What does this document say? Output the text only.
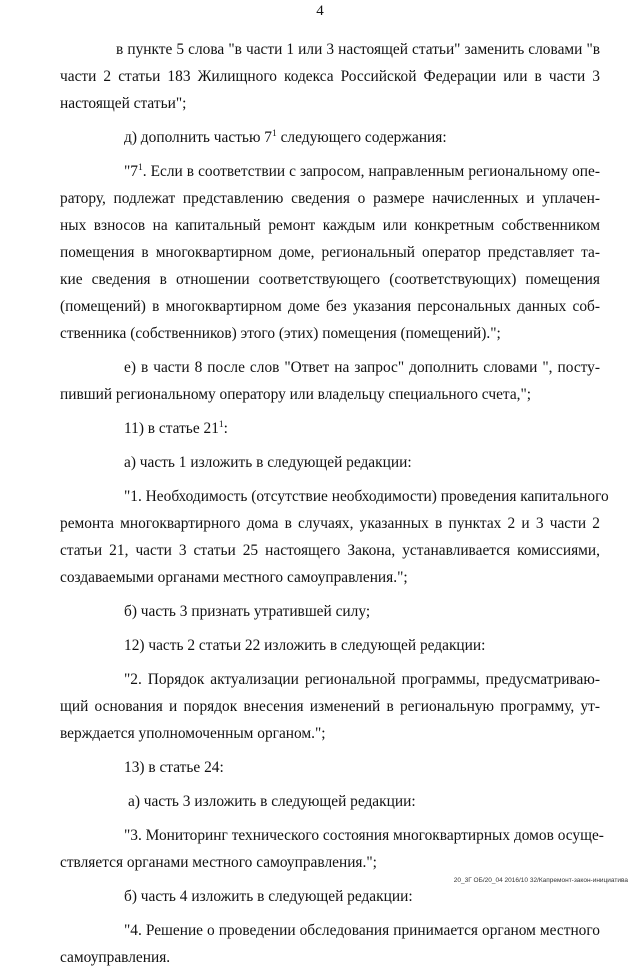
4
в пункте 5 слова "в части 1 или 3 настоящей статьи" заменить словами "в
части 2 статьи 183 Жилищного кодекса Российской Федерации или в части 3
настоящей статьи";
д) дополнить частью $7^1$ следующего содержания:
"$7^1$. Если в соответствии с запросом, направленным региональному опе-
ратору, подлежат представлению сведения о размере начисленных и уплачен-
ных взносов на капитальный ремонт каждым или конкретным собственником
помещения в многоквартирном доме, региональный оператор представляет та-
кие сведения в отношении соответствующего (соответствующих) помещения
(помещений) в многоквартирном доме без указания персональных данных соб-
ственника (собственников) этого (этих) помещения (помещений).";
е) в части 8 после слов "Ответ на запрос" дополнить словами ", посту-
пивший региональному оператору или владельцу специального счета,";
11) в статье $21^1$:
а) часть 1 изложить в следующей редакции:
"1. Необходимость (отсутствие необходимости) проведения капитального
ремонта многоквартирного дома в случаях, указанных в пунктах 2 и 3 части 2
статьи 21, части 3 статьи 25 настоящего Закона, устанавливается комиссиями,
создаваемыми органами местного самоуправления.";
б) часть 3 признать утратившей силу;
12) часть 2 статьи 22 изложить в следующей редакции:
"2. Порядок актуализации региональной программы, предусматриваю-
щий основания и порядок внесения изменений в региональную программу, ут-
верждается уполномоченным органом.";
13) в статье 24:
а) часть 3 изложить в следующей редакции:
"3. Мониторинг технического состояния многоквартирных домов осуще-
ствляется органами местного самоуправления.";
б) часть 4 изложить в следующей редакции:
"4. Решение о проведении обследования принимается органом местного
самоуправления.
20_3Г ОБ/20_04 2016/10 32/Капремонт-закон-инициатива
